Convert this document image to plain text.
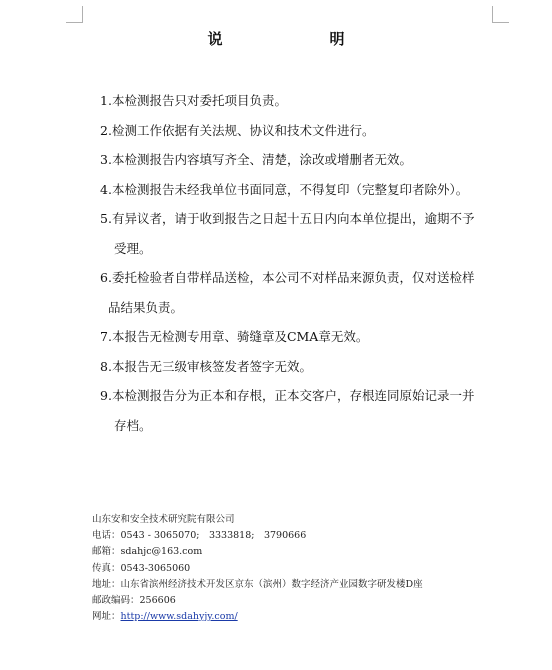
说　明

1.本检测报告只对委托项目负责。

2.检测工作依据有关法规、协议和技术文件进行。

3.本检测报告内容填写齐全、清楚，涂改或增删者无效。

4.本检测报告未经我单位书面同意，不得复印（完整复印者除外）。

5.有异议者，请于收到报告之日起十五日内向本单位提出，逾期不予
受理。

6.委托检验者自带样品送检，本公司不对样品来源负责，仅对送检样
品结果负责。

7.本报告无检测专用章、骑缝章及CMA章无效。

8.本报告无三级审核签发者签字无效。

9.本检测报告分为正本和存根，正本交客户，存根连同原始记录一并
存档。

山东安和安全技术研究院有限公司
电话：0543 - 3065070;　3333818;　3790666
邮箱：sdahjc@163.com
传真：0543-3065060
地址：山东省滨州经济技术开发区京东（滨州）数字经济产业园数字研发楼D座
邮政编码：256606
网址：http://www.sdahyjy.com/
